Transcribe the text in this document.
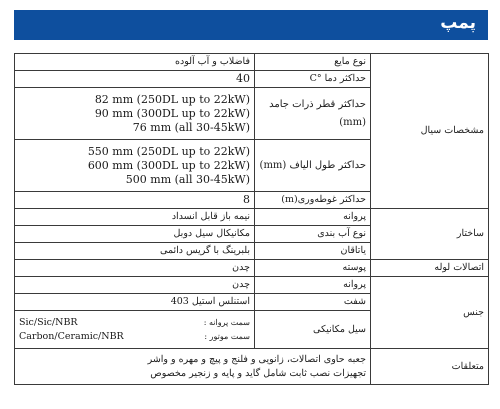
پمپ
مشخصات سیال	نوع مایع	فاضلاب و آب آلوده
	حداکثر دما °C	40
	حداکثر قطر ذرات جامد (mm)	82 mm (250DL up to 22kW)
90 mm (300DL up to 22kW)
76 mm (all 30-45kW)

	حداکثر طول الیاف (mm)	550 mm (250DL up to 22kW)
600 mm (300DL up to 22kW)
500 mm (all 30-45kW)

	حداکثر غوطه‌وری(m)	8
ساختار	پروانه	نیمه باز قابل انسداد
	نوع آب بندی	مکانیکال سیل دوبل
	یاتاقان	بلبرینگ با گریس دائمی
اتصالات لوله	پوسته	چدن
جنس	پروانه	چدن
	شفت	استنلس استیل 403
	سیل مکانیکی	سمت پروانه :
Sic/Sic/NBR
سمت موتور :
Carbon/Ceramic/NBR

متعلقات	جعبه حاوی اتصالات، زانویی و فلنج و پیچ و مهره و واشر
تجهیزات نصب ثابت شامل گاید و پایه و زنجیر مخصوص	
